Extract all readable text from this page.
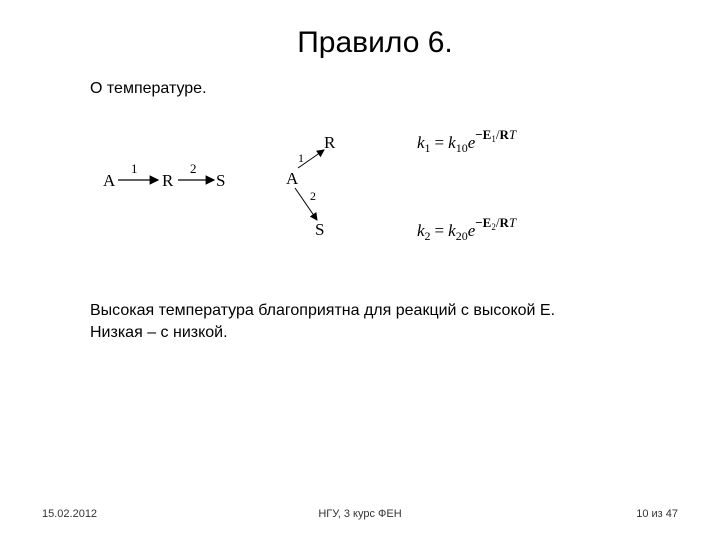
Правило 6.
О температуре.
A
1
R
2
S
R
A
S
1
2
$k_1 = k_{10}e^-E1/RT$
$k_2 = k_{20}e^-E2/RT$
Высокая температура благоприятна для реакций с высокой E.
Низкая – с низкой.
15.02.2012	НГУ, 3 курс ФЕН	10 из 47
